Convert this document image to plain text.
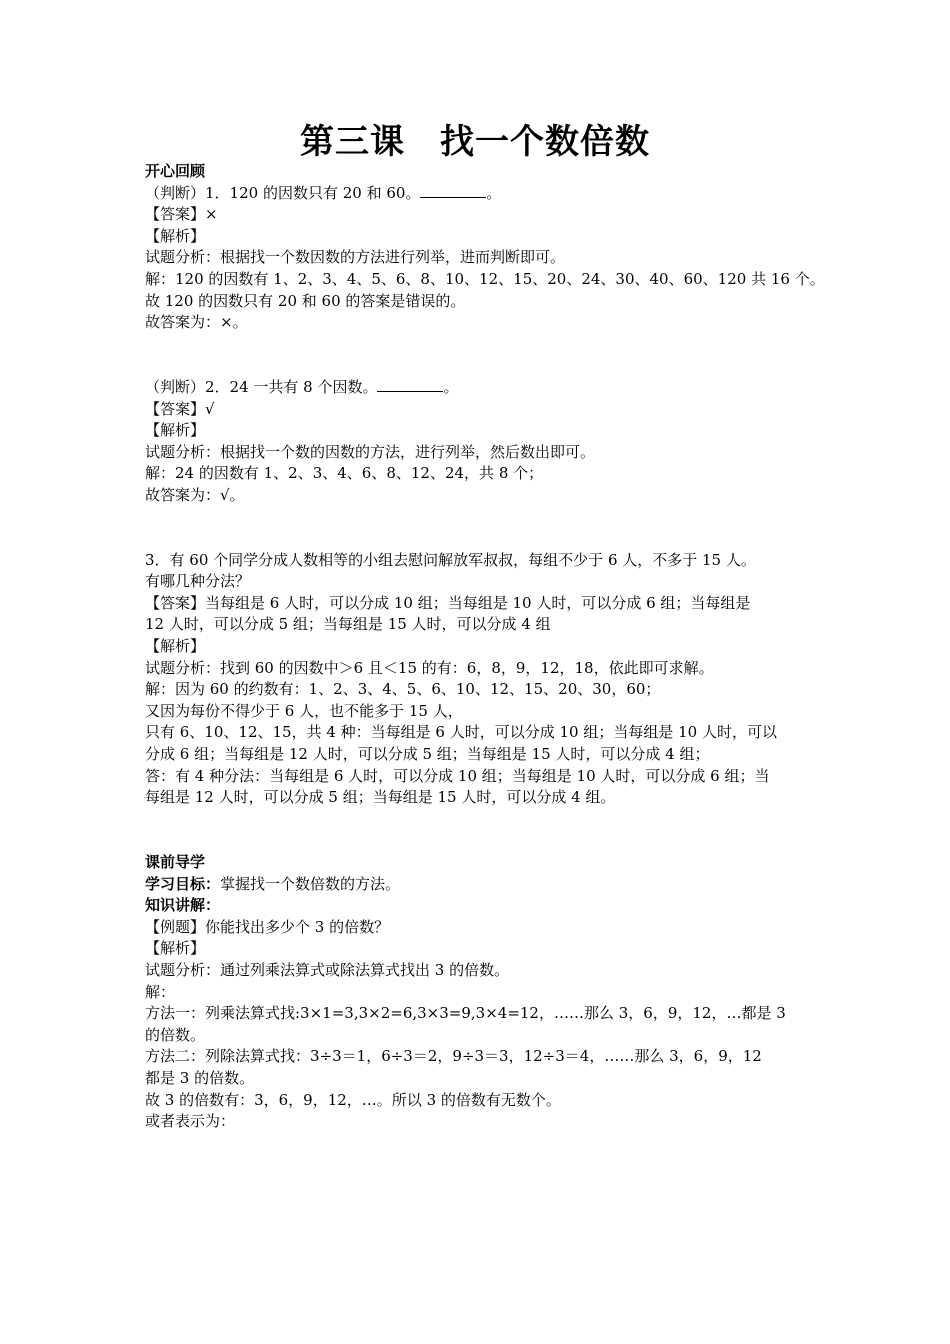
第三课　找一个数倍数
开心回顾
（判断）1．120 的因数只有 20 和 60。	。
【答案】×
【解析】
试题分析：根据找一个数因数的方法进行列举，进而判断即可。
解：120 的因数有 1、2、3、4、5、6、8、10、12、15、20、24、30、40、60、120 共 16 个。
故 120 的因数只有 20 和 60 的答案是错误的。
故答案为：×。
（判断）2．24 一共有 8 个因数。	。
【答案】√
【解析】
试题分析：根据找一个数的因数的方法，进行列举，然后数出即可。
解：24 的因数有 1、2、3、4、6、8、12、24，共 8 个；
故答案为：√。
3．有 60 个同学分成人数相等的小组去慰问解放军叔叔，每组不少于 6 人，不多于 15 人。
有哪几种分法？
【答案】当每组是 6 人时，可以分成 10 组；当每组是 10 人时，可以分成 6 组；当每组是
12 人时，可以分成 5 组；当每组是 15 人时，可以分成 4 组
【解析】
试题分析：找到 60 的因数中＞6 且＜15 的有：6，8，9，12，18，依此即可求解。
解：因为 60 的约数有：1、2、3、4、5、6、10、12、15、20、30，60；
又因为每份不得少于 6 人，也不能多于 15 人，
只有 6、10、12、15，共 4 种：当每组是 6 人时，可以分成 10 组；当每组是 10 人时，可以
分成 6 组；当每组是 12 人时，可以分成 5 组；当每组是 15 人时，可以分成 4 组；
答：有 4 种分法：当每组是 6 人时，可以分成 10 组；当每组是 10 人时，可以分成 6 组；当
每组是 12 人时，可以分成 5 组；当每组是 15 人时，可以分成 4 组。
课前导学
学习目标：掌握找一个数倍数的方法。
知识讲解：
【例题】你能找出多少个 3 的倍数？
【解析】
试题分析：通过列乘法算式或除法算式找出 3 的倍数。
解：
方法一：列乘法算式找:3×1=3,3×2=6,3×3=9,3×4=12，……那么 3，6，9，12，…都是 3
的倍数。
方法二：列除法算式找：3÷3＝1，6÷3＝2，9÷3＝3，12÷3＝4，……那么 3，6，9，12
都是 3 的倍数。
故 3 的倍数有：3，6，9，12，…。所以 3 的倍数有无数个。
或者表示为：
